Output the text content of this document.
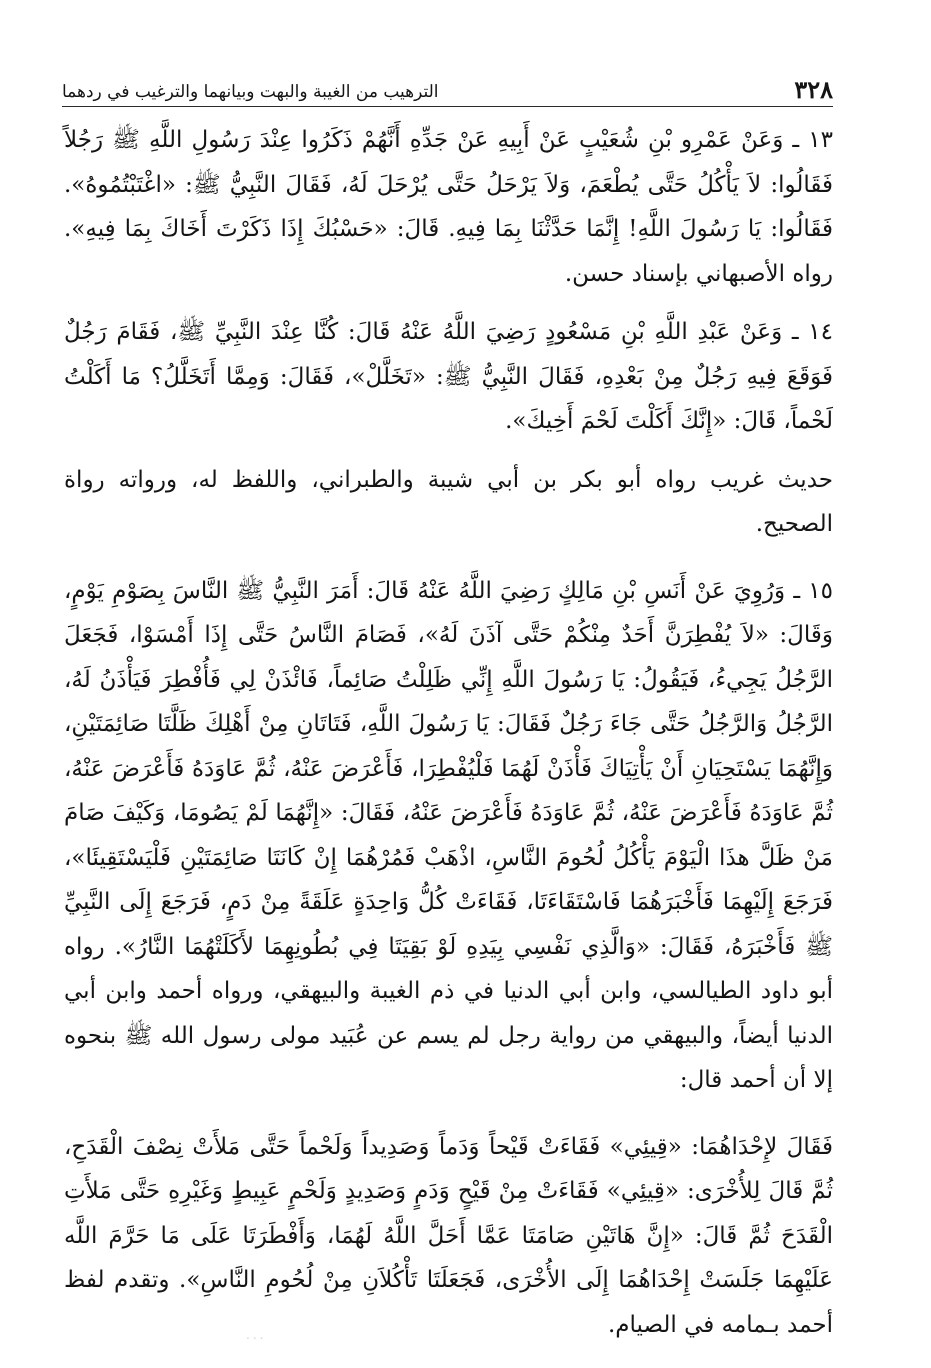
٣٢٨
الترهيب من الغيبة والبهت وبيانهما والترغيب في ردهما

١٣ ـ وَعَنْ عَمْرِو بْنِ شُعَيْبٍ عَنْ أَبِيهِ عَنْ جَدِّهِ أَنَّهُمْ ذَكَرُوا عِنْدَ رَسُولِ اللَّهِ ﷺ رَجُلاً فَقَالُوا: لاَ يَأْكُلُ حَتَّى يُطْعَمَ، وَلاَ يَرْحَلُ حَتَّى يُرْحَلَ لَهُ، فَقَالَ النَّبِيُّ ﷺ: «اغْتَبْتُمُوهُ». فَقَالُوا: يَا رَسُولَ اللَّهِ! إِنَّمَا حَدَّثْنَا بِمَا فِيهِ. قَالَ: «حَسْبُكَ إِذَا ذَكَرْتَ أَخَاكَ بِمَا فِيهِ». رواه الأصبهاني بإسناد حسن.

١٤ ـ وَعَنْ عَبْدِ اللَّهِ بْنِ مَسْعُودٍ رَضِيَ اللَّهُ عَنْهُ قَالَ: كُنَّا عِنْدَ النَّبِيِّ ﷺ، فَقَامَ رَجُلٌ فَوَقَعَ فِيهِ رَجُلٌ مِنْ بَعْدِهِ، فَقَالَ النَّبِيُّ ﷺ: «تَخَلَّلْ»، فَقَالَ: وَمِمَّا أَتَخَلَّلُ؟ مَا أَكَلْتُ لَحْماً، قَالَ: «إِنَّكَ أَكَلْتَ لَحْمَ أَخِيكَ».

حديث غريب رواه أبو بكر بن أبي شيبة والطبراني، واللفظ له، ورواته رواة الصحيح.

١٥ ـ وَرُوِيَ عَنْ أَنَسِ بْنِ مَالِكٍ رَضِيَ اللَّهُ عَنْهُ قَالَ: أَمَرَ النَّبِيُّ ﷺ النَّاسَ بِصَوْمِ يَوْمٍ، وَقَالَ: «لاَ يُفْطِرَنَّ أَحَدٌ مِنْكُمْ حَتَّى آذَنَ لَهُ»، فَصَامَ النَّاسُ حَتَّى إِذَا أَمْسَوْا، فَجَعَلَ الرَّجُلُ يَجِيءُ، فَيَقُولُ: يَا رَسُولَ اللَّهِ إِنِّي ظَلِلْتُ صَائِماً، فَائْذَنْ لِي فَأُفْطِرَ فَيَأْذَنُ لَهُ، الرَّجُلُ وَالرَّجُلُ حَتَّى جَاءَ رَجُلٌ فَقَالَ: يَا رَسُولَ اللَّهِ، فَتَاتَانِ مِنْ أَهْلِكَ ظَلَّتَا صَائِمَتَيْنِ، وَإِنَّهُمَا يَسْتَحِيَانِ أَنْ يَأْتِيَاكَ فَأْذَنْ لَهُمَا فَلْيُفْطِرَا، فَأَعْرَضَ عَنْهُ، ثُمَّ عَاوَدَهُ فَأَعْرَضَ عَنْهُ، ثُمَّ عَاوَدَهُ فَأَعْرَضَ عَنْهُ، ثُمَّ عَاوَدَهُ فَأَعْرَضَ عَنْهُ، فَقَالَ: «إِنَّهُمَا لَمْ يَصُومَا، وَكَيْفَ صَامَ مَنْ ظَلَّ هذَا الْيَوْمَ يَأْكُلُ لُحُومَ النَّاسِ، اذْهَبْ فَمُرْهُمَا إِنْ كَانَتَا صَائِمَتَيْنِ فَلْيَسْتَقِيئَا»، فَرَجَعَ إِلَيْهِمَا فَأَخْبَرَهُمَا فَاسْتَقَاءَتَا، فَقَاءَتْ كُلُّ وَاحِدَةٍ عَلَقَةً مِنْ دَمٍ، فَرَجَعَ إِلَى النَّبِيِّ ﷺ فَأَخْبَرَهُ، فَقَالَ: «وَالَّذِي نَفْسِي بِيَدِهِ لَوْ بَقِيَتَا فِي بُطُونِهِمَا لأَكَلَتْهُمَا النَّارُ». رواه أبو داود الطيالسي، وابن أبي الدنيا في ذم الغيبة والبيهقي، ورواه أحمد وابن أبي الدنيا أيضاً، والبيهقي من رواية رجل لم يسم عن عُبَيد مولى رسول الله ﷺ بنحوه إلا أن أحمد قال:

فَقَالَ لإِحْدَاهُمَا: «قِيئِي» فَقَاءَتْ قَيْحاً وَدَماً وَصَدِيداً وَلَحْماً حَتَّى مَلأَتْ نِصْفَ الْقَدَحِ، ثُمَّ قَالَ لِلأُخْرَى: «قِيئِي» فَقَاءَتْ مِنْ قَيْحٍ وَدَمٍ وَصَدِيدٍ وَلَحْمٍ عَبِيطٍ وَغَيْرِهِ حَتَّى مَلأَتِ الْقَدَحَ ثُمَّ قَالَ: «إِنَّ هَاتَيْنِ صَامَتَا عَمَّا أَحَلَّ اللَّهُ لَهُمَا، وَأَفْطَرَتَا عَلَى مَا حَرَّمَ اللَّه عَلَيْهِمَا جَلَسَتْ إِحْدَاهُمَا إِلَى الأُخْرَى، فَجَعَلَتَا تَأْكُلاَنِ مِنْ لُحُومِ النَّاسِ». وتقدم لفظ أحمد بـمامه في الصيام.

...
